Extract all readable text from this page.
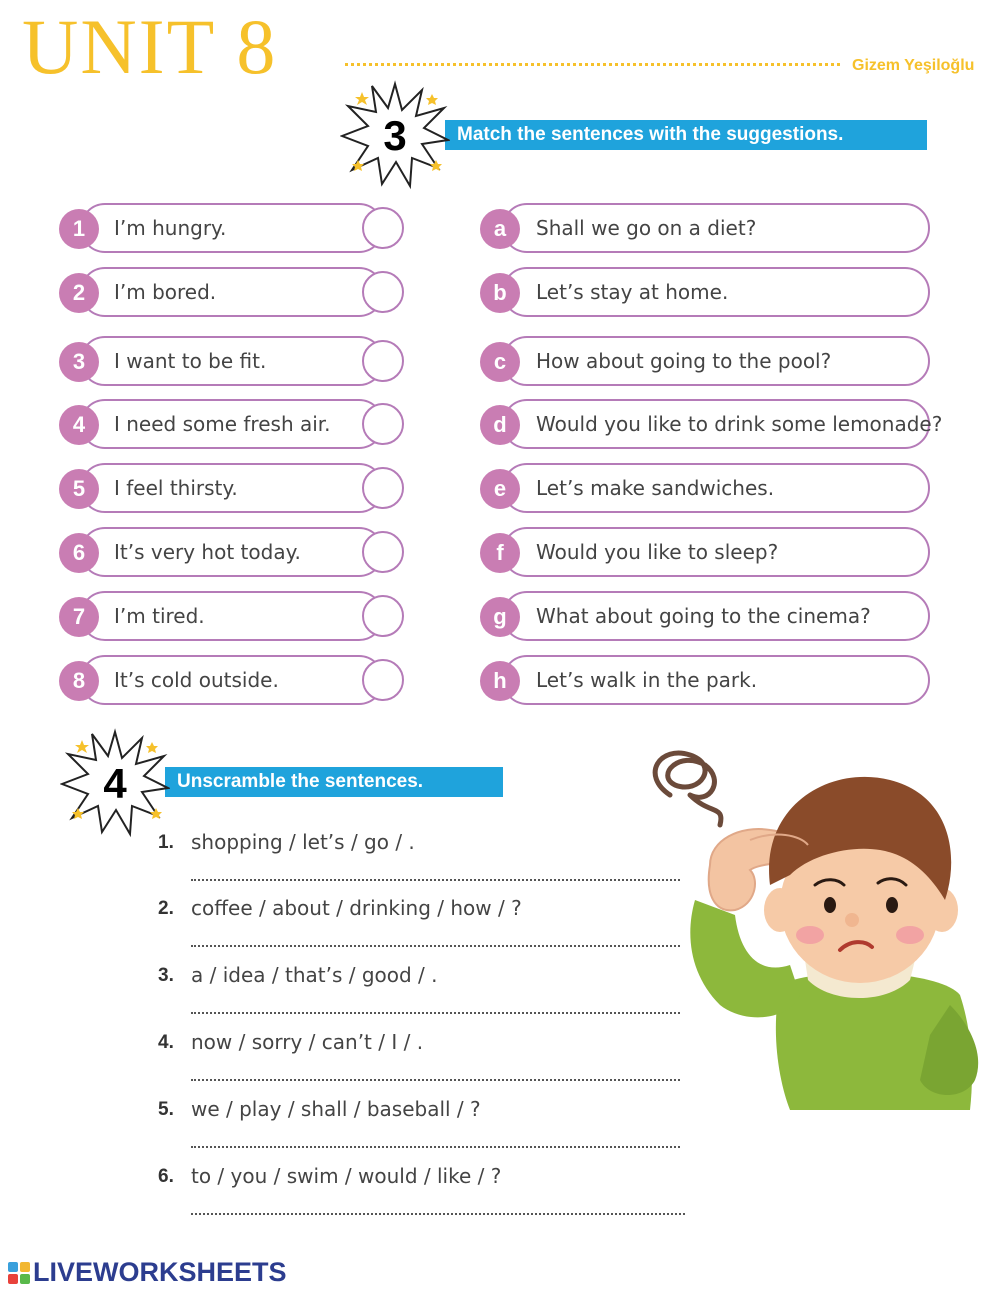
UNIT 8	Gizem Yeşiloğlu
Match the sentences with the suggestions.
3
I’m hungry.
I’m bored.
I want to be fit.
I need some fresh air.
I feel thirsty.
It’s very hot today.
I’m tired.
It’s cold outside.
1
2
3
4
5
6
7
8
Shall we go on a diet?
Let’s stay at home.
How about going to the pool?
Would you like to drink some lemonade?
Let’s make sandwiches.
Would you like to sleep?
What about going to the cinema?
Let’s walk in the park.
a
b
c
d
e
f
g
h
Unscramble the sentences.
4
1. shopping / let’s / go / .
2. coffee / about / drinking / how / ?
3. a / idea / that’s / good / .
4. now / sorry / can’t / I / .
5. we / play / shall / baseball / ?
6. to / you / swim / would / like / ?
LIVEWORKSHEETS
